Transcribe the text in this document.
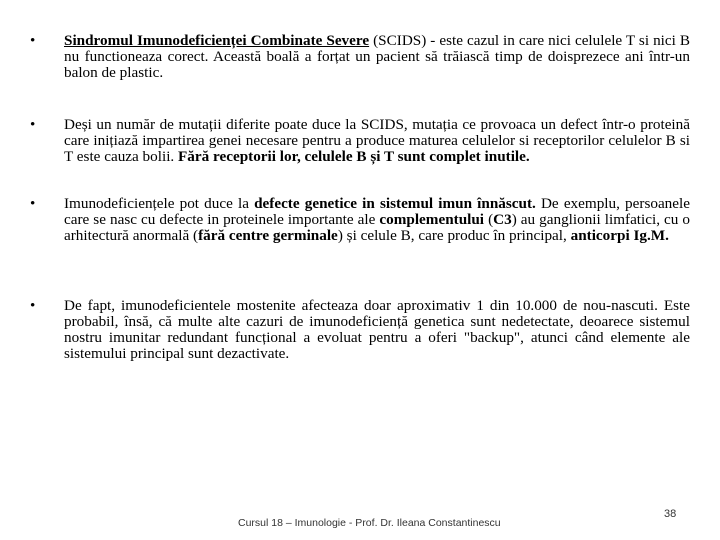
•	Sindromul Imunodeficienței Combinate Severe (SCIDS) - este cazul in care nici celulele T si nici B nu functioneaza corect. Această boală a forțat un pacient să trăiască timp de doisprezece ani într-un balon de plastic.
•	Deși un număr de mutații diferite poate duce la SCIDS, mutația ce provoaca un defect într-o proteină care inițiază impartirea genei necesare pentru a produce maturea celulelor si receptorilor celulelor B si T este cauza bolii. Fără receptorii lor, celulele B și T sunt complet inutile.
•	Imunodeficiențele pot duce la defecte genetice in sistemul imun înnăscut. De exemplu, persoanele care se nasc cu defecte in proteinele importante ale complementului (C3) au ganglionii limfatici, cu o arhitectură anormală (fără centre germinale) și celule B, care produc în principal, anticorpi Ig.M.
•	De fapt, imunodeficientele mostenite afecteaza doar aproximativ 1 din 10.000 de nou-nascuti. Este probabil, însă, că multe alte cazuri de imunodeficiență genetica sunt nedetectate, deoarece sistemul nostru imunitar redundant funcțional a evoluat pentru a oferi "backup", atunci când elemente ale sistemului principal sunt dezactivate.
Cursul 18 – Imunologie - Prof. Dr. Ileana Constantinescu
38
